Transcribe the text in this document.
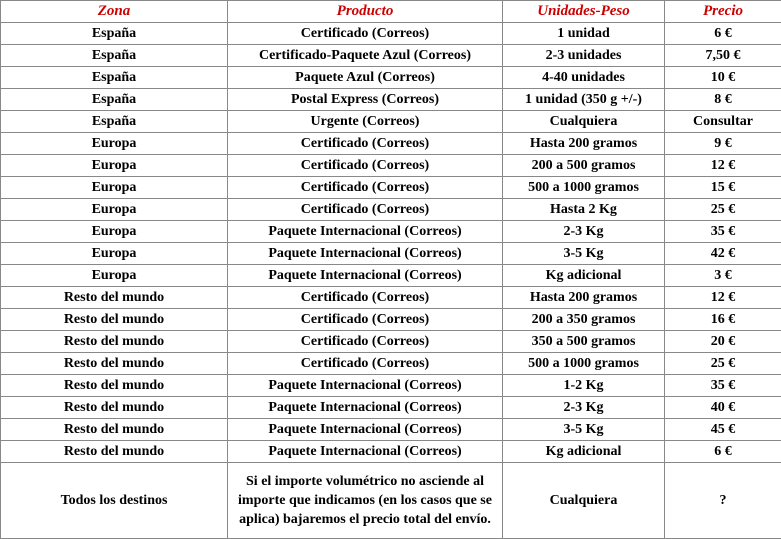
Zona	Producto	Unidades-Peso	Precio
España	Certificado (Correos)	1 unidad	6 €
España	Certificado-Paquete Azul (Correos)	2-3 unidades	7,50 €
España	Paquete Azul (Correos)	4-40 unidades	10 €
España	Postal Express (Correos)	1 unidad (350 g +/-)	8 €
España	Urgente (Correos)	Cualquiera	Consultar
Europa	Certificado (Correos)	Hasta 200 gramos	9 €
Europa	Certificado (Correos)	200 a 500 gramos	12 €
Europa	Certificado (Correos)	500 a 1000 gramos	15 €
Europa	Certificado (Correos)	Hasta 2 Kg	25 €
Europa	Paquete Internacional (Correos)	2-3 Kg	35 €
Europa	Paquete Internacional (Correos)	3-5 Kg	42 €
Europa	Paquete Internacional (Correos)	Kg adicional	3 €
Resto del mundo	Certificado (Correos)	Hasta 200 gramos	12 €
Resto del mundo	Certificado (Correos)	200 a 350 gramos	16 €
Resto del mundo	Certificado (Correos)	350 a 500 gramos	20 €
Resto del mundo	Certificado (Correos)	500 a 1000 gramos	25 €
Resto del mundo	Paquete Internacional (Correos)	1-2 Kg	35 €
Resto del mundo	Paquete Internacional (Correos)	2-3 Kg	40 €
Resto del mundo	Paquete Internacional (Correos)	3-5 Kg	45 €
Resto del mundo	Paquete Internacional (Correos)	Kg adicional	6 €
Todos los destinos	Si el importe volumétrico no asciende al importe que indicamos (en los casos que se aplica) bajaremos el precio total del envío.	Cualquiera	?
